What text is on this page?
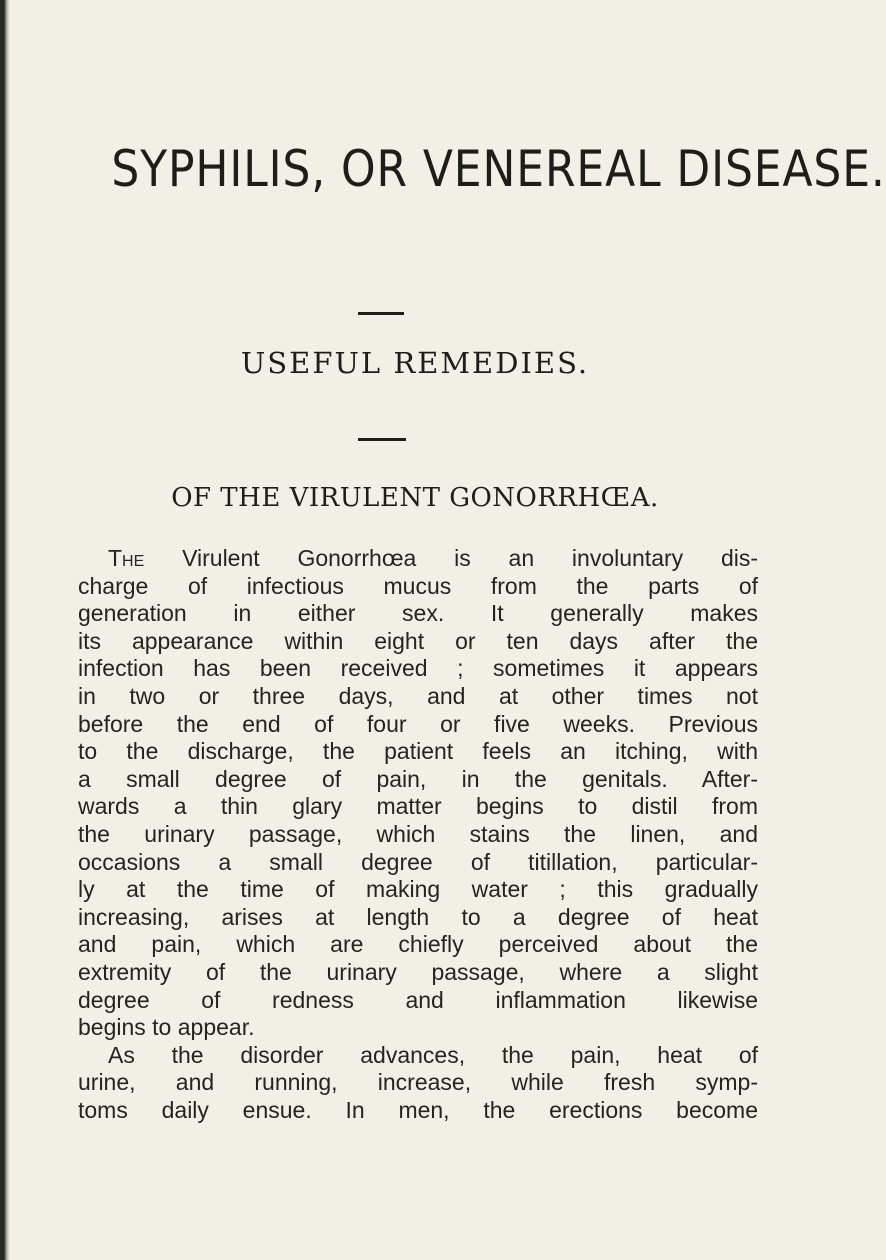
SYPHILIS, OR VENEREAL DISEASE.
USEFUL REMEDIES.
OF THE VIRULENT GONORRHŒA.
The Virulent Gonorrhœa is an involuntary dis-
charge of infectious mucus from the parts of
generation in either sex. It generally makes
its appearance within eight or ten days after the
infection has been received ; sometimes it appears
in two or three days, and at other times not
before the end of four or five weeks. Previous
to the discharge, the patient feels an itching, with
a small degree of pain, in the genitals. After-
wards a thin glary matter begins to distil from
the urinary passage, which stains the linen, and
occasions a small degree of titillation, particular-
ly at the time of making water ; this gradually
increasing, arises at length to a degree of heat
and pain, which are chiefly perceived about the
extremity of the urinary passage, where a slight
degree of redness and inflammation likewise
begins to appear.
As the disorder advances, the pain, heat of
urine, and running, increase, while fresh symp-
toms daily ensue. In men, the erections become
